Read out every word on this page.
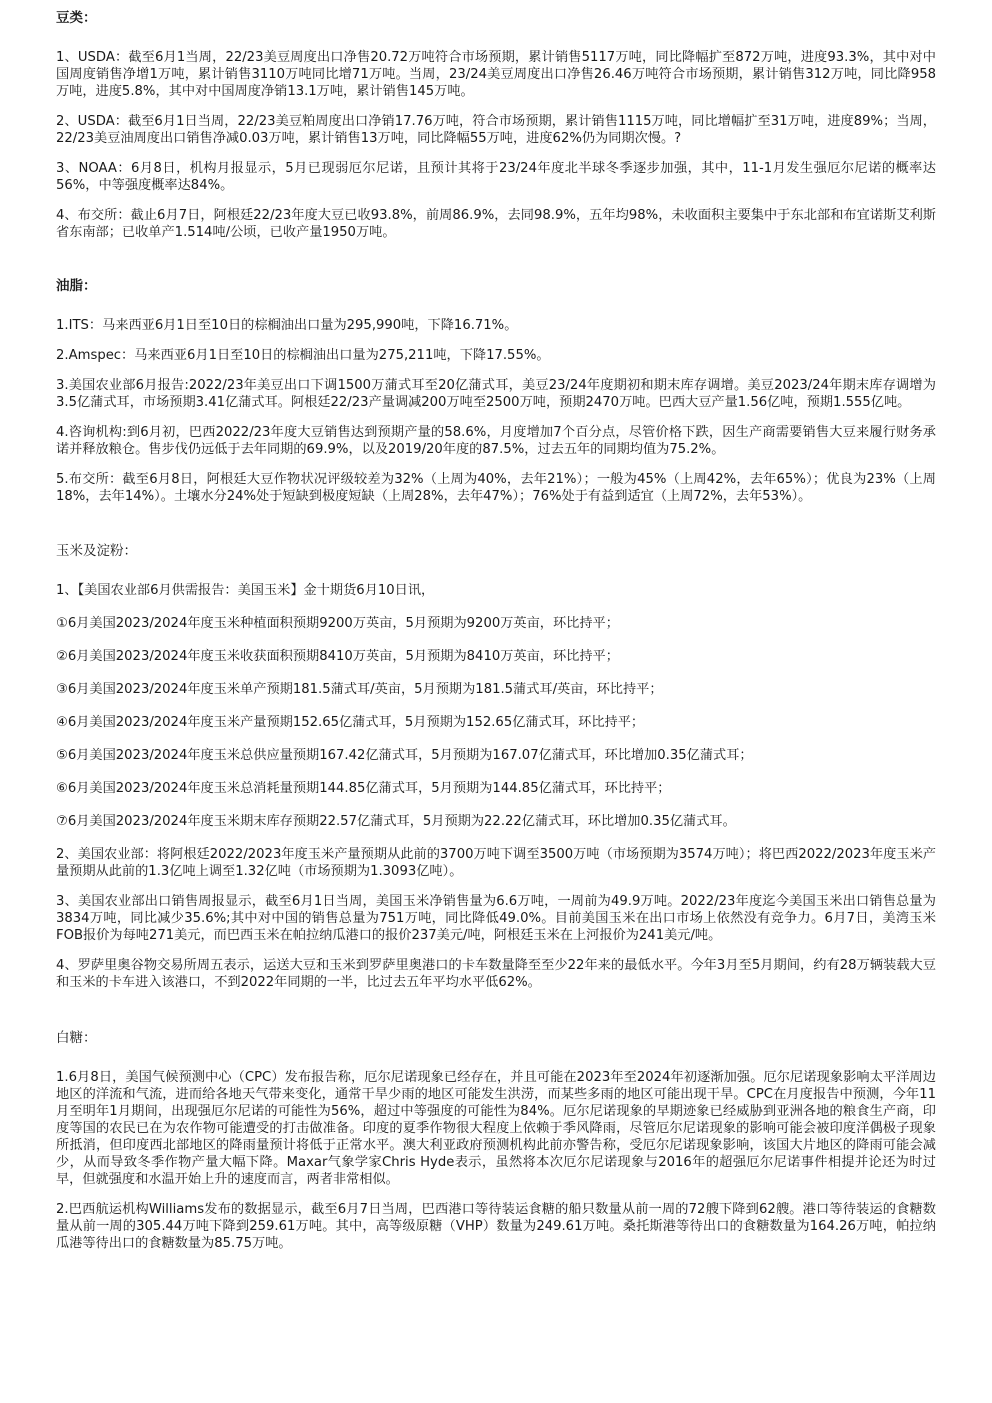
豆类：

1、USDA：截至6月1当周，22/23美豆周度出口净售20.72万吨符合市场预期，累计销售5117万吨，同比降幅扩至872万吨，进度93.3%，其中对中国周度销售净增1万吨，累计销售3110万吨同比增71万吨。当周，23/24美豆周度出口净售26.46万吨符合市场预期，累计销售312万吨，同比降958万吨，进度5.8%，其中对中国周度净销13.1万吨，累计销售145万吨。

2、USDA：截至6月1日当周，22/23美豆粕周度出口净销17.76万吨，符合市场预期，累计销售1115万吨，同比增幅扩至31万吨，进度89%；当周，22/23美豆油周度出口销售净减0.03万吨，累计销售13万吨，同比降幅55万吨，进度62%仍为同期次慢。?

3、NOAA：6月8日，机构月报显示，5月已现弱厄尔尼诺，且预计其将于23/24年度北半球冬季逐步加强，其中，11-1月发生强厄尔尼诺的概率达56%，中等强度概率达84%。

4、布交所：截止6月7日，阿根廷22/23年度大豆已收93.8%，前周86.9%，去同98.9%，五年均98%，未收面积主要集中于东北部和布宜诺斯艾利斯省东南部；已收单产1.514吨/公顷，已收产量1950万吨。

油脂：

1.ITS：马来西亚6月1日至10日的棕榈油出口量为295,990吨，下降16.71%。

2.Amspec：马来西亚6月1日至10日的棕榈油出口量为275,211吨，下降17.55%。

3.美国农业部6月报告:2022/23年美豆出口下调1500万蒲式耳至20亿蒲式耳，美豆23/24年度期初和期末库存调增。美豆2023/24年期末库存调增为3.5亿蒲式耳，市场预期3.41亿蒲式耳。阿根廷22/23产量调减200万吨至2500万吨，预期2470万吨。巴西大豆产量1.56亿吨，预期1.555亿吨。

4.咨询机构:到6月初，巴西2022/23年度大豆销售达到预期产量的58.6%，月度增加7个百分点，尽管价格下跌，因生产商需要销售大豆来履行财务承诺并释放粮仓。售步伐仍远低于去年同期的69.9%，以及2019/20年度的87.5%，过去五年的同期均值为75.2%。

5.布交所：截至6月8日，阿根廷大豆作物状况评级较差为32%（上周为40%，去年21%）；一般为45%（上周42%，去年65%）；优良为23%（上周18%，去年14%）。土壤水分24%处于短缺到极度短缺（上周28%，去年47%）；76%处于有益到适宜（上周72%，去年53%）。

玉米及淀粉：

1、【美国农业部6月供需报告：美国玉米】金十期货6月10日讯，

①6月美国2023/2024年度玉米种植面积预期9200万英亩，5月预期为9200万英亩，环比持平；

②6月美国2023/2024年度玉米收获面积预期8410万英亩，5月预期为8410万英亩，环比持平；

③6月美国2023/2024年度玉米单产预期181.5蒲式耳/英亩，5月预期为181.5蒲式耳/英亩，环比持平；

④6月美国2023/2024年度玉米产量预期152.65亿蒲式耳，5月预期为152.65亿蒲式耳，环比持平；

⑤6月美国2023/2024年度玉米总供应量预期167.42亿蒲式耳，5月预期为167.07亿蒲式耳，环比增加0.35亿蒲式耳；

⑥6月美国2023/2024年度玉米总消耗量预期144.85亿蒲式耳，5月预期为144.85亿蒲式耳，环比持平；

⑦6月美国2023/2024年度玉米期末库存预期22.57亿蒲式耳，5月预期为22.22亿蒲式耳，环比增加0.35亿蒲式耳。

2、美国农业部：将阿根廷2022/2023年度玉米产量预期从此前的3700万吨下调至3500万吨（市场预期为3574万吨）；将巴西2022/2023年度玉米产量预期从此前的1.3亿吨上调至1.32亿吨（市场预期为1.3093亿吨）。

3、美国农业部出口销售周报显示，截至6月1日当周，美国玉米净销售量为6.6万吨，一周前为49.9万吨。2022/23年度迄今美国玉米出口销售总量为3834万吨，同比减少35.6%;其中对中国的销售总量为751万吨，同比降低49.0%。目前美国玉米在出口市场上依然没有竞争力。6月7日，美湾玉米FOB报价为每吨271美元，而巴西玉米在帕拉纳瓜港口的报价237美元/吨，阿根廷玉米在上河报价为241美元/吨。

4、罗萨里奥谷物交易所周五表示，运送大豆和玉米到罗萨里奥港口的卡车数量降至至少22年来的最低水平。今年3月至5月期间，约有28万辆装载大豆和玉米的卡车进入该港口，不到2022年同期的一半，比过去五年平均水平低62%。

白糖：

1.6月8日，美国气候预测中心（CPC）发布报告称，厄尔尼诺现象已经存在，并且可能在2023年至2024年初逐渐加强。厄尔尼诺现象影响太平洋周边地区的洋流和气流，进而给各地天气带来变化，通常干旱少雨的地区可能发生洪涝，而某些多雨的地区可能出现干旱。CPC在月度报告中预测，今年11月至明年1月期间，出现强厄尔尼诺的可能性为56%，超过中等强度的可能性为84%。厄尔尼诺现象的早期迹象已经威胁到亚洲各地的粮食生产商，印度等国的农民已在为农作物可能遭受的打击做准备。印度的夏季作物很大程度上依赖于季风降雨，尽管厄尔尼诺现象的影响可能会被印度洋偶极子现象所抵消，但印度西北部地区的降雨量预计将低于正常水平。澳大利亚政府预测机构此前亦警告称，受厄尔尼诺现象影响，该国大片地区的降雨可能会减少，从而导致冬季作物产量大幅下降。Maxar气象学家Chris Hyde表示，虽然将本次厄尔尼诺现象与2016年的超强厄尔尼诺事件相提并论还为时过早，但就强度和水温开始上升的速度而言，两者非常相似。

2.巴西航运机构Williams发布的数据显示，截至6月7日当周，巴西港口等待装运食糖的船只数量从前一周的72艘下降到62艘。港口等待装运的食糖数量从前一周的305.44万吨下降到259.61万吨。其中，高等级原糖（VHP）数量为249.61万吨。桑托斯港等待出口的食糖数量为164.26万吨，帕拉纳瓜港等待出口的食糖数量为85.75万吨。
